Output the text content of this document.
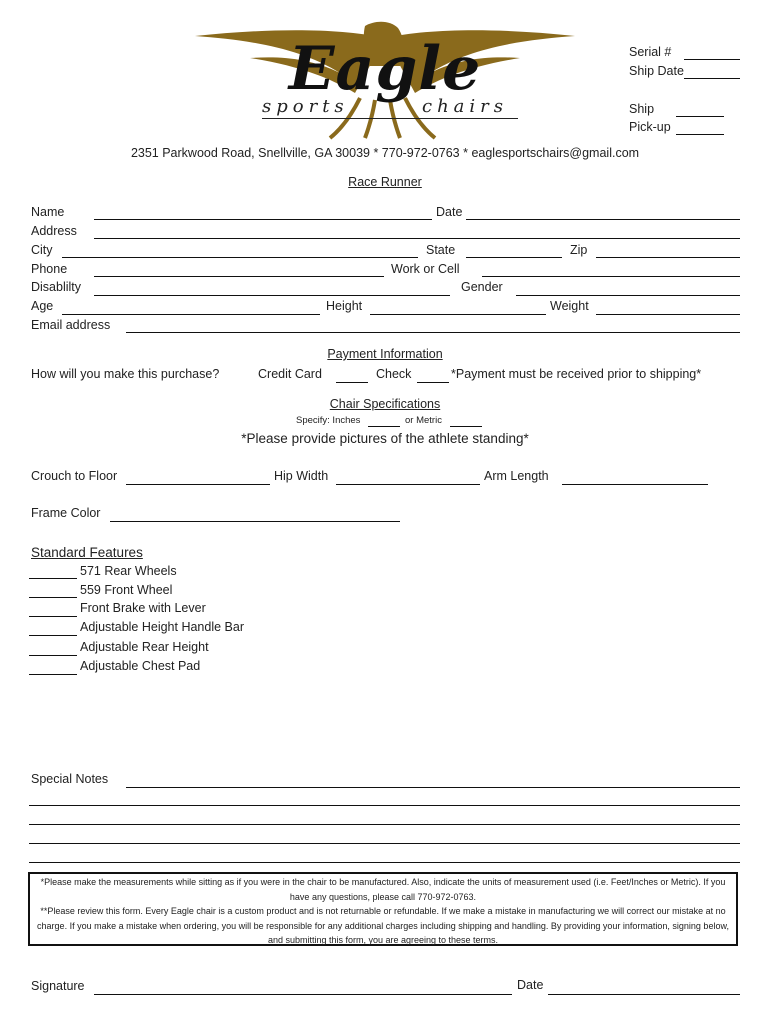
Eagle
sports	chairs
Serial #
Ship Date
Ship
Pick-up
2351 Parkwood Road, Snellville, GA 30039 * 770-972-0763 * eaglesportschairs@gmail.com
Race Runner
Name	Date
Address
City	State	Zip
Phone	Work or Cell
Disablilty	Gender
Age	Height	Weight
Email address
Payment Information
How will you make this purchase?	Credit Card	Check	*Payment must be received prior to shipping*
Chair Specifications
Specify: Inches	or Metric
*Please provide pictures of the athlete standing*
Crouch to Floor	Hip Width	Arm Length
Frame Color
Standard Features
571 Rear Wheels
559 Front Wheel
Front Brake with Lever
Adjustable Height Handle Bar
Adjustable Rear Height
Adjustable Chest Pad
Special Notes
*Please make the measurements while sitting as if you were in the chair to be manufactured. Also, indicate the units of measurement used (i.e. Feet/Inches or Metric). If you have any questions, please call 770-972-0763.
**Please review this form. Every Eagle chair is a custom product and is not returnable or refundable. If we make a mistake in manufacturing we will correct our mistake at no charge. If you make a mistake when ordering, you will be responsible for any additional charges including shipping and handling. By providing your information, signing below, and submitting this form, you are agreeing to these terms.
Signature	Date
